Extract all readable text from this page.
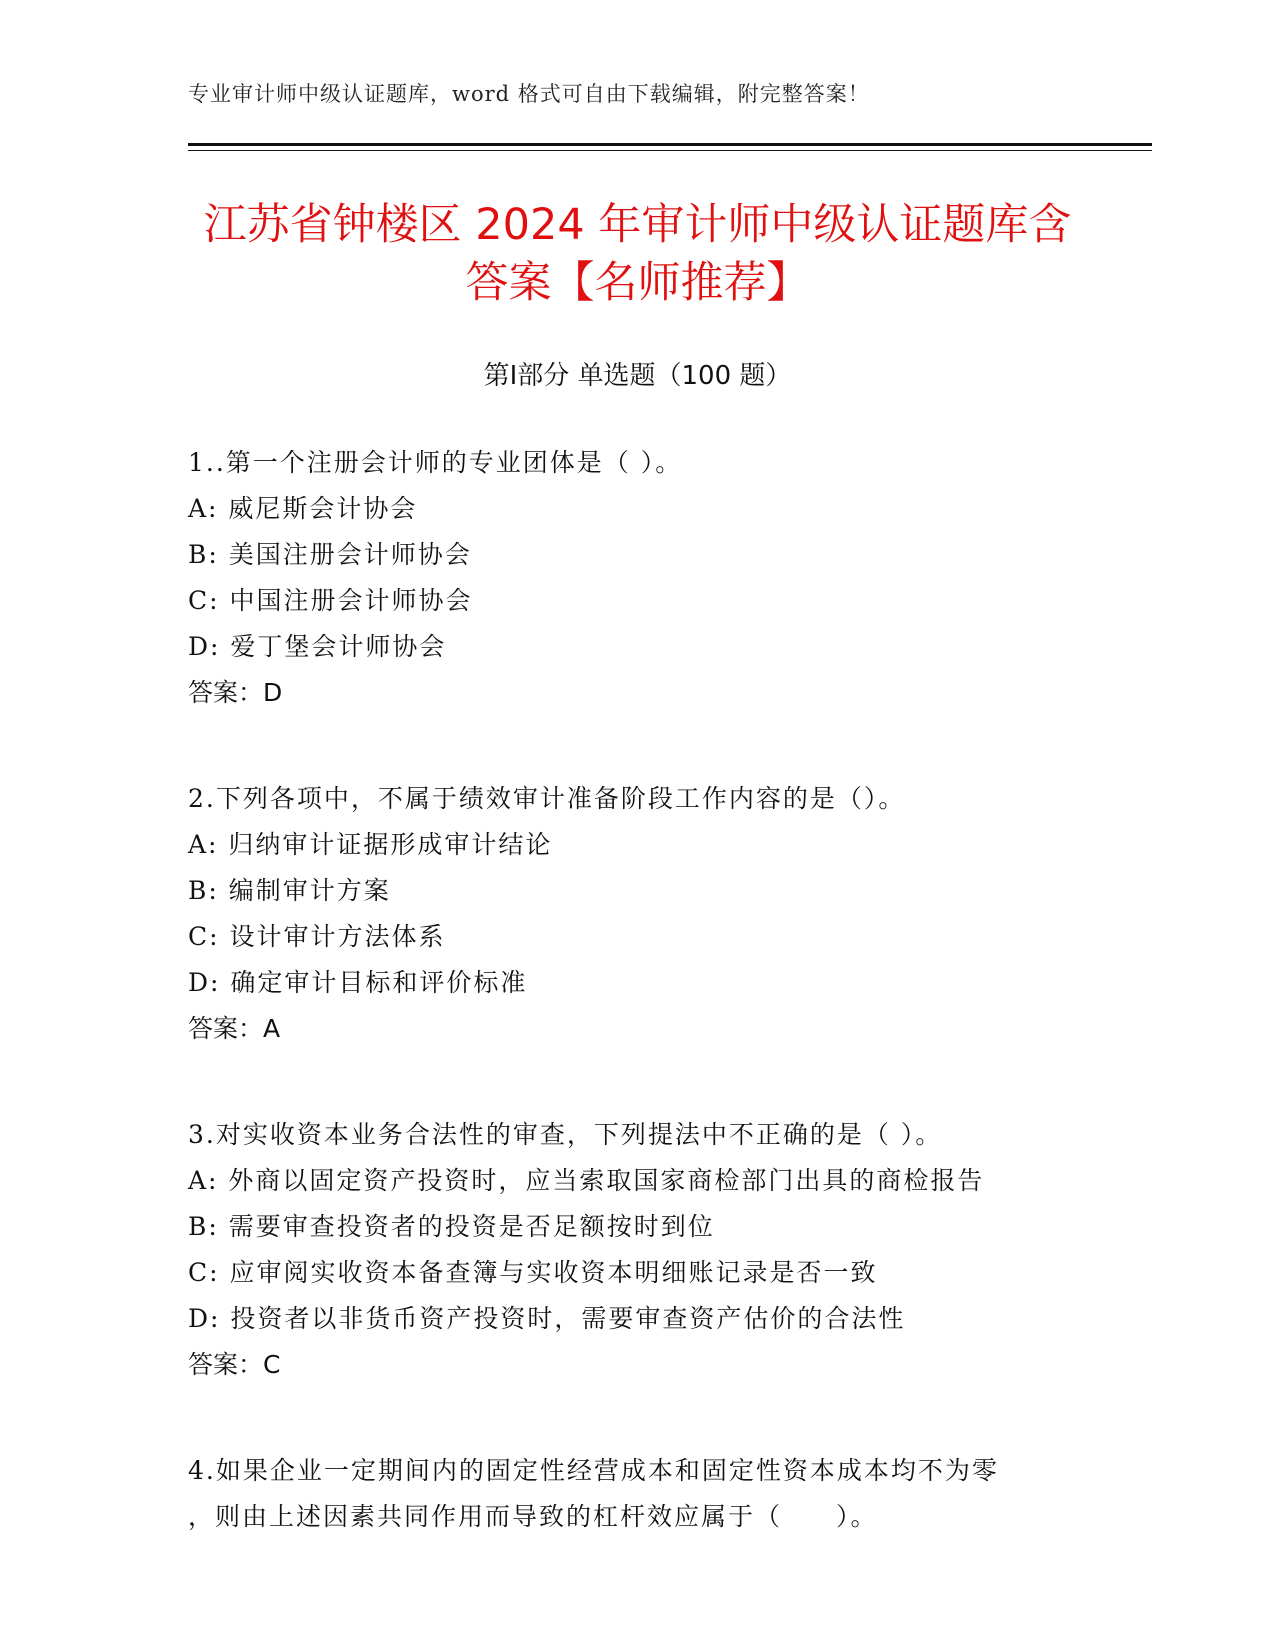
专业审计师中级认证题库，word 格式可自由下载编辑，附完整答案！
江苏省钟楼区 2024 年审计师中级认证题库含
答案【名师推荐】
第Ⅰ部分 单选题（100 题）
1..第一个注册会计师的专业团体是（ ）。
A: 威尼斯会计协会
B: 美国注册会计师协会
C: 中国注册会计师协会
D: 爱丁堡会计师协会
答案：D
2.下列各项中，不属于绩效审计准备阶段工作内容的是（）。
A: 归纳审计证据形成审计结论
B: 编制审计方案
C: 设计审计方法体系
D: 确定审计目标和评价标准
答案：A
3.对实收资本业务合法性的审查，下列提法中不正确的是（ ）。
A: 外商以固定资产投资时，应当索取国家商检部门出具的商检报告
B: 需要审查投资者的投资是否足额按时到位
C: 应审阅实收资本备查簿与实收资本明细账记录是否一致
D: 投资者以非货币资产投资时，需要审查资产估价的合法性
答案：C
4.如果企业一定期间内的固定性经营成本和固定性资本成本均不为零
，则由上述因素共同作用而导致的杠杆效应属于（　　）。
